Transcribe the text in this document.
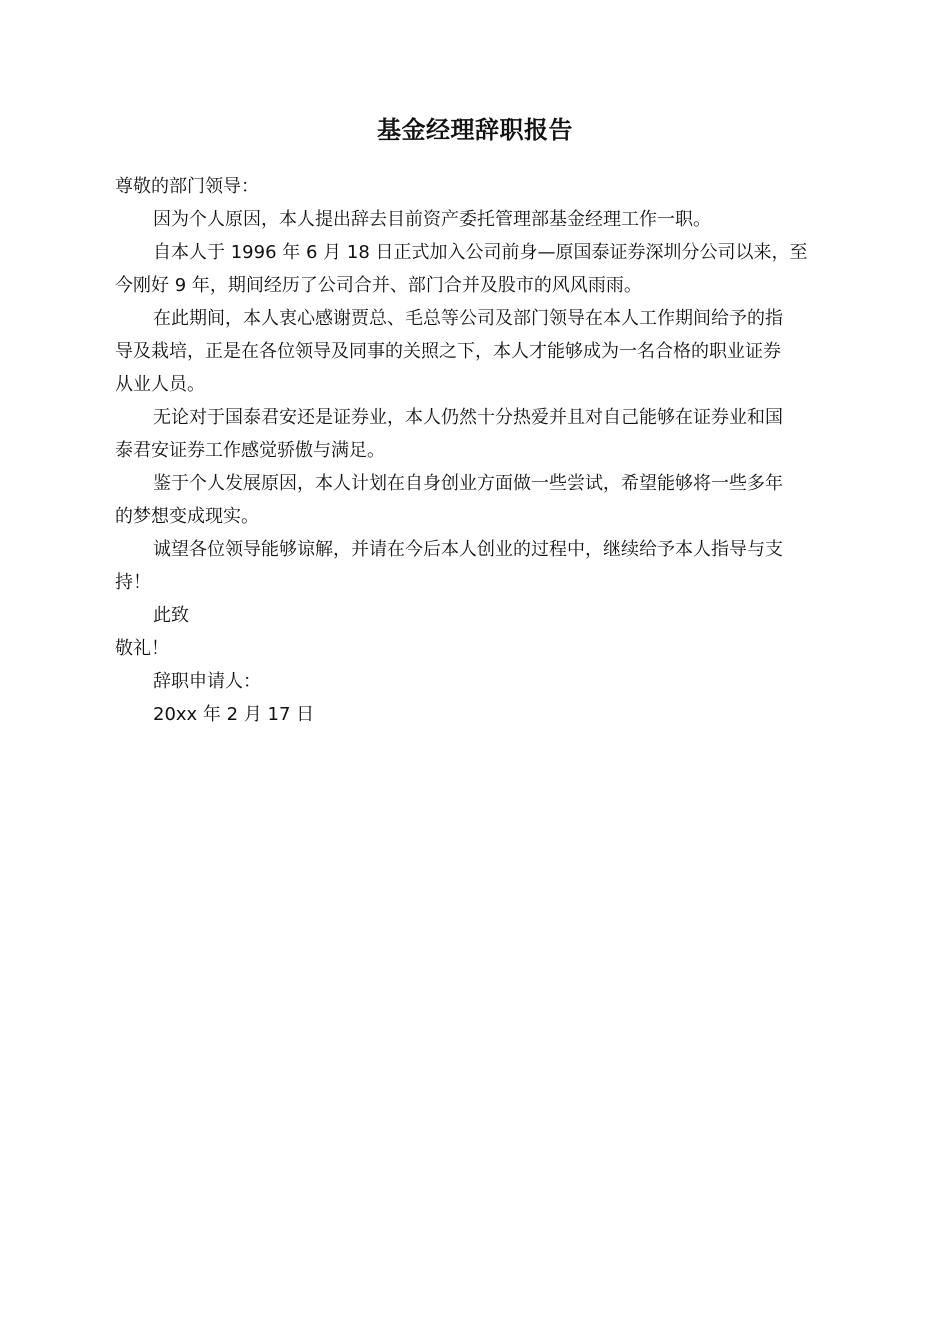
基金经理辞职报告
尊敬的部门领导：
因为个人原因，本人提出辞去目前资产委托管理部基金经理工作一职。
自本人于 1996 年 6 月 18 日正式加入公司前身—原国泰证券深圳分公司以来，至
今刚好 9 年，期间经历了公司合并、部门合并及股市的风风雨雨。
在此期间，本人衷心感谢贾总、毛总等公司及部门领导在本人工作期间给予的指
导及栽培，正是在各位领导及同事的关照之下，本人才能够成为一名合格的职业证券
从业人员。
无论对于国泰君安还是证券业，本人仍然十分热爱并且对自己能够在证券业和国
泰君安证券工作感觉骄傲与满足。
鉴于个人发展原因，本人计划在自身创业方面做一些尝试，希望能够将一些多年
的梦想变成现实。
诚望各位领导能够谅解，并请在今后本人创业的过程中，继续给予本人指导与支
持！
此致
敬礼！
辞职申请人：
20xx 年 2 月 17 日
